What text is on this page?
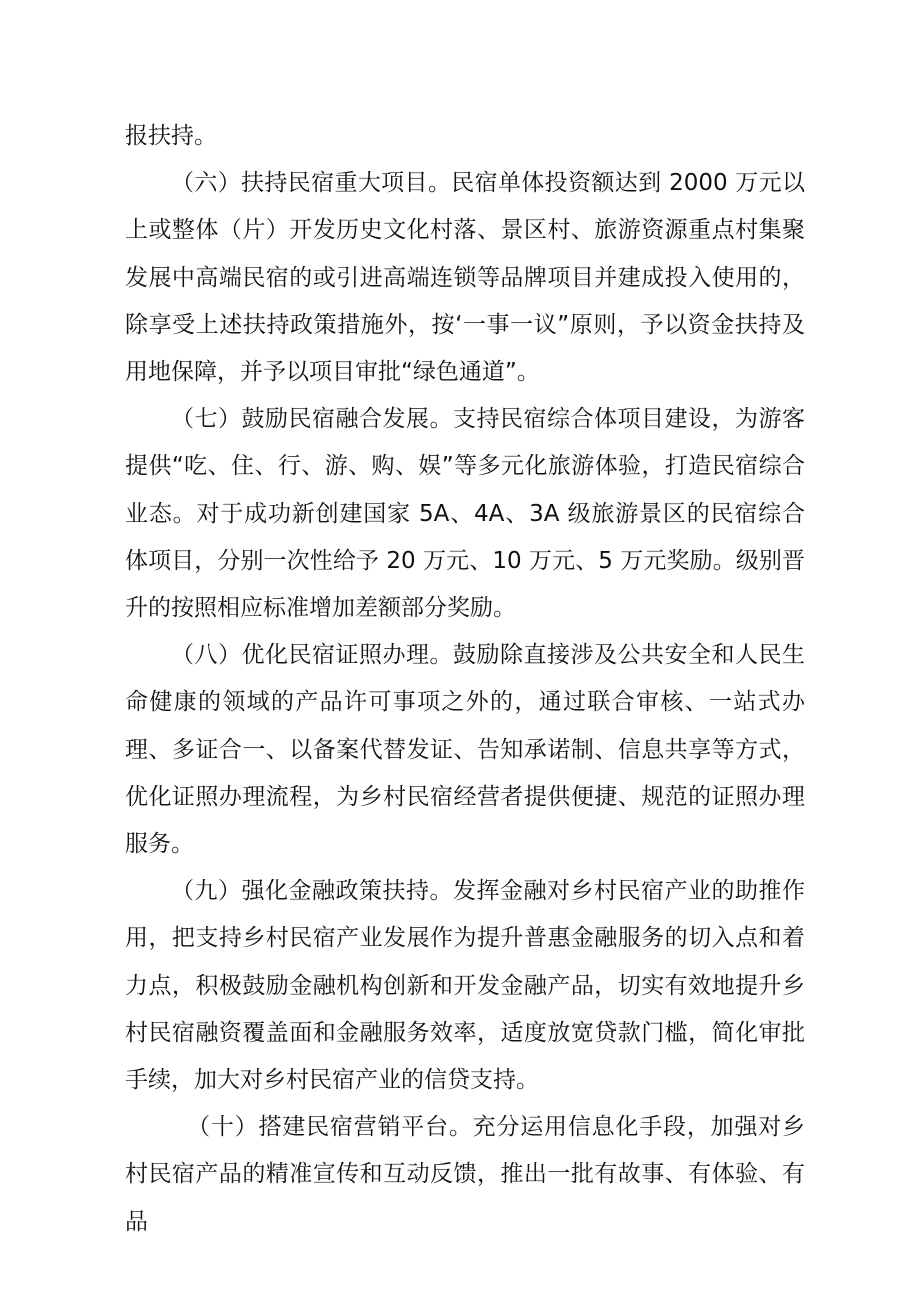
报扶持。

（六）扶持民宿重大项目。民宿单体投资额达到 2000 万元以上或整体（片）开发历史文化村落、景区村、旅游资源重点村集聚发展中高端民宿的或引进高端连锁等品牌项目并建成投入使用的，除享受上述扶持政策措施外，按‘一事一议”原则，予以资金扶持及用地保障，并予以项目审批“绿色通道”。

（七）鼓励民宿融合发展。支持民宿综合体项目建设，为游客提供“吃、住、行、游、购、娱”等多元化旅游体验，打造民宿综合业态。对于成功新创建国家 5A、4A、3A 级旅游景区的民宿综合体项目，分别一次性给予 20 万元、10 万元、5 万元奖励。级别晋升的按照相应标准增加差额部分奖励。

（八）优化民宿证照办理。鼓励除直接涉及公共安全和人民生命健康的领域的产品许可事项之外的，通过联合审核、一站式办理、多证合一、以备案代替发证、告知承诺制、信息共享等方式，优化证照办理流程，为乡村民宿经营者提供便捷、规范的证照办理服务。

（九）强化金融政策扶持。发挥金融对乡村民宿产业的助推作用，把支持乡村民宿产业发展作为提升普惠金融服务的切入点和着力点，积极鼓励金融机构创新和开发金融产品，切实有效地提升乡村民宿融资覆盖面和金融服务效率，适度放宽贷款门槛，简化审批手续，加大对乡村民宿产业的信贷支持。

（十）搭建民宿营销平台。充分运用信息化手段，加强对乡村民宿产品的精准宣传和互动反馈，推出一批有故事、有体验、有品
